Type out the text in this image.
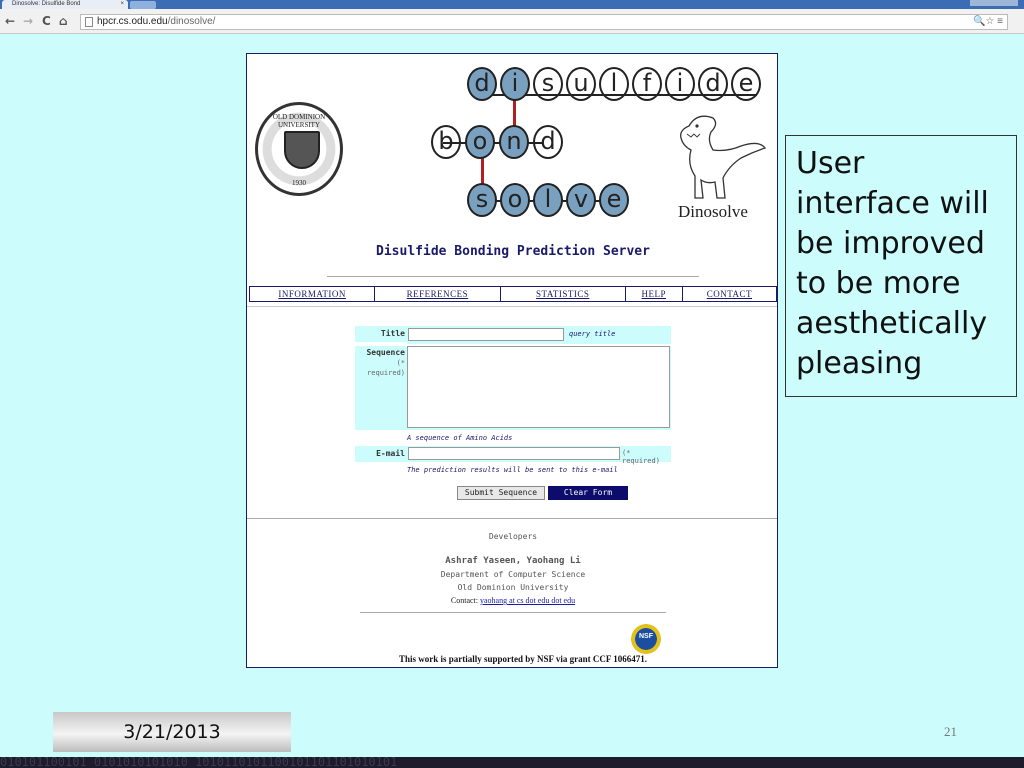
Dinosolve: Disulfide Bond	×
← → C ⌂	hpcr.cs.odu.edu/dinosolve/	🔍☆ ≡
OLD DOMINION UNIVERSITY
1930
d i s u l	f	i d e
b o n d
s o l v e	Dinosolve
Disulfide Bonding Prediction Server
INFORMATION	REFERENCES	STATISTICS	HELP	CONTACT
Title	query title
Sequence
(* required)
A sequence of Amino Acids
E-mail	(* required)
The prediction results will be sent to this e-mail
Submit Sequence	Clear Form
Developers
Ashraf Yaseen, Yaohang Li
Department of Computer Science
Old Dominion University
Contact: yaohang at cs dot edu dot edu
NSF
This work is partially supported by NSF via grant CCF 1066471.
User interface will be improved to be more aesthetically pleasing
3/21/2013	21
010101100101 0101010101010 1010110101100101101101010101
